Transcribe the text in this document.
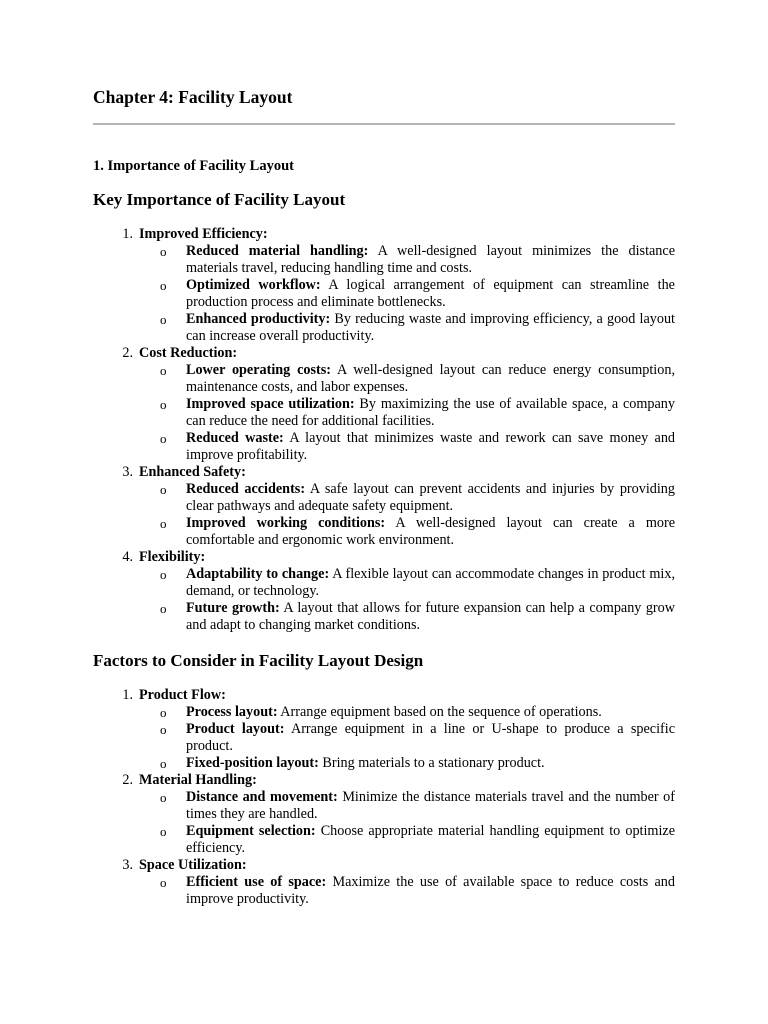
Chapter 4: Facility Layout
1. Importance of Facility Layout
Key Importance of Facility Layout
1. Improved Efficiency:
o Reduced material handling: A well-designed layout minimizes the distance materials travel, reducing handling time and costs.
o Optimized workflow: A logical arrangement of equipment can streamline the production process and eliminate bottlenecks.
o Enhanced productivity: By reducing waste and improving efficiency, a good layout can increase overall productivity.
2. Cost Reduction:
o Lower operating costs: A well-designed layout can reduce energy consumption, maintenance costs, and labor expenses.
o Improved space utilization: By maximizing the use of available space, a company can reduce the need for additional facilities.
o Reduced waste: A layout that minimizes waste and rework can save money and improve profitability.
3. Enhanced Safety:
o Reduced accidents: A safe layout can prevent accidents and injuries by providing clear pathways and adequate safety equipment.
o Improved working conditions: A well-designed layout can create a more comfortable and ergonomic work environment.
4. Flexibility:
o Adaptability to change: A flexible layout can accommodate changes in product mix, demand, or technology.
o Future growth: A layout that allows for future expansion can help a company grow and adapt to changing market conditions.
Factors to Consider in Facility Layout Design
1. Product Flow:
o Process layout: Arrange equipment based on the sequence of operations.
o Product layout: Arrange equipment in a line or U-shape to produce a specific product.
o Fixed-position layout: Bring materials to a stationary product.
2. Material Handling:
o Distance and movement: Minimize the distance materials travel and the number of times they are handled.
o Equipment selection: Choose appropriate material handling equipment to optimize efficiency.
3. Space Utilization:
o Efficient use of space: Maximize the use of available space to reduce costs and improve productivity.
